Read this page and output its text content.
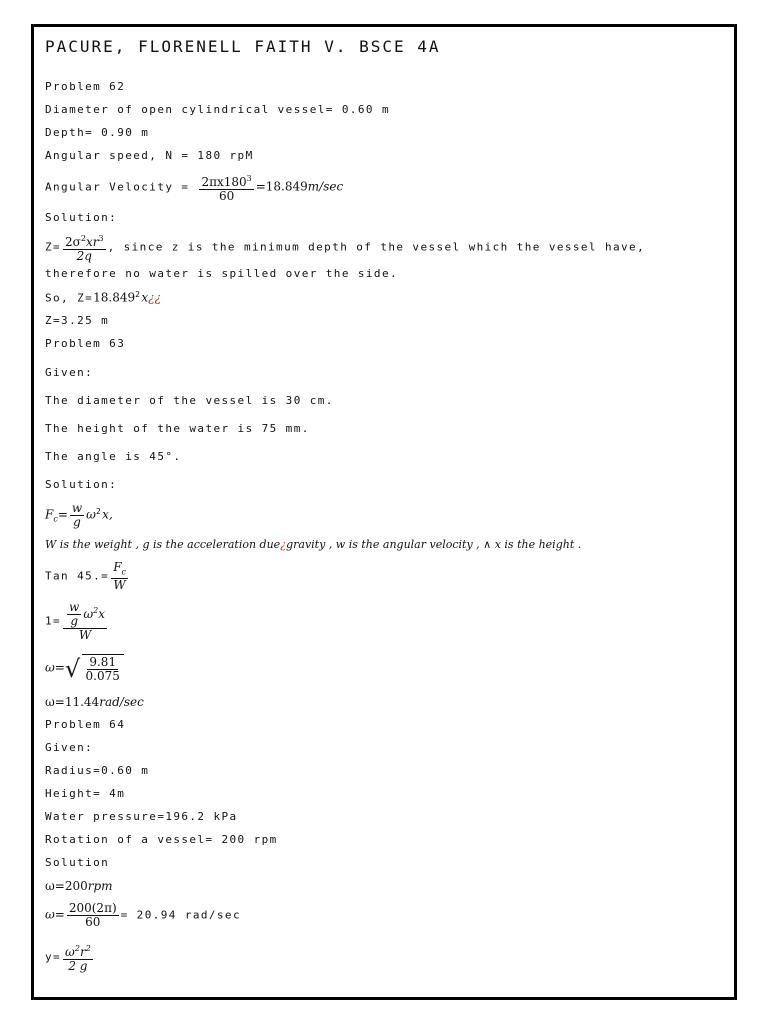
PACURE, FLORENELL FAITH V. BSCE 4A
Problem 62
Diameter of open cylindrical vessel= 0.60 m
Depth= 0.90 m
Angular speed, N = 180 rpM
Angular Velocity = $\frac{2\pi x180^3}{60} =18.849m/\sec$
Solution:
$Z= \frac{2\sigma^2xr^3}{2q}$ , since z is the minimum depth of the vessel which the vessel have, therefore no water is spilled over the side.
So, $Z=18.849^2x¿¿$
Z=3.25 m
Problem 63
Given:
The diameter of the vessel is 30 cm.
The height of the water is 75 mm.
The angle is 45°.
Solution:
$F_c= \frac{w}{g} \omega^2x$,
W is the weight , g is the acceleration due¿gravity , w is the angular velocity , ∧ x is the height .
Tan $45.= \frac{F_c}{W}$
$1= \frac{\frac{w}{g} \omega^2x}{W}$
ω= √ $\frac{9.81}{0.075}$
ω=11.44rad/sec
Problem 64
Given:
Radius=0.60 m
Height= 4m
Water pressure=196.2 kPa
Rotation of a vessel= 200 rpm
Solution
ω=200rpm
$\omega= \frac{200(2\pi)}{60} = 20.94$ rad/sec
$y= \frac{\omega^2r^2}{2 g}$
